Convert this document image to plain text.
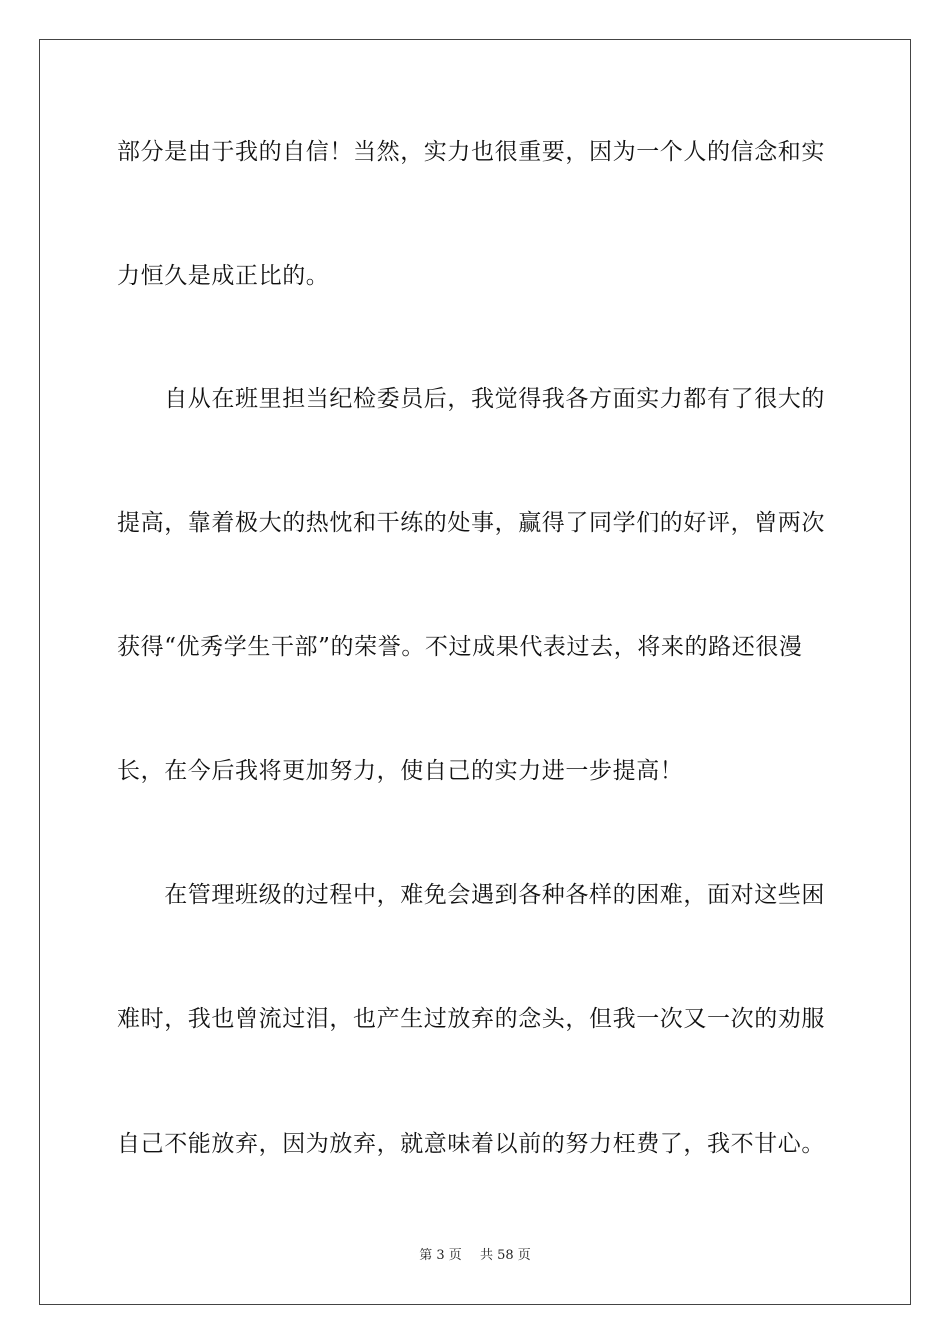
部分是由于我的自信！当然，实力也很重要，因为一个人的信念和实
力恒久是成正比的。
　　自从在班里担当纪检委员后，我觉得我各方面实力都有了很大的
提高，靠着极大的热忱和干练的处事，赢得了同学们的好评，曾两次
获得“优秀学生干部”的荣誉。不过成果代表过去，将来的路还很漫
长，在今后我将更加努力，使自己的实力进一步提高！
　　在管理班级的过程中，难免会遇到各种各样的困难，面对这些困
难时，我也曾流过泪，也产生过放弃的念头，但我一次又一次的劝服
自己不能放弃，因为放弃，就意味着以前的努力枉费了，我不甘心。
第 3 页 共 58 页
